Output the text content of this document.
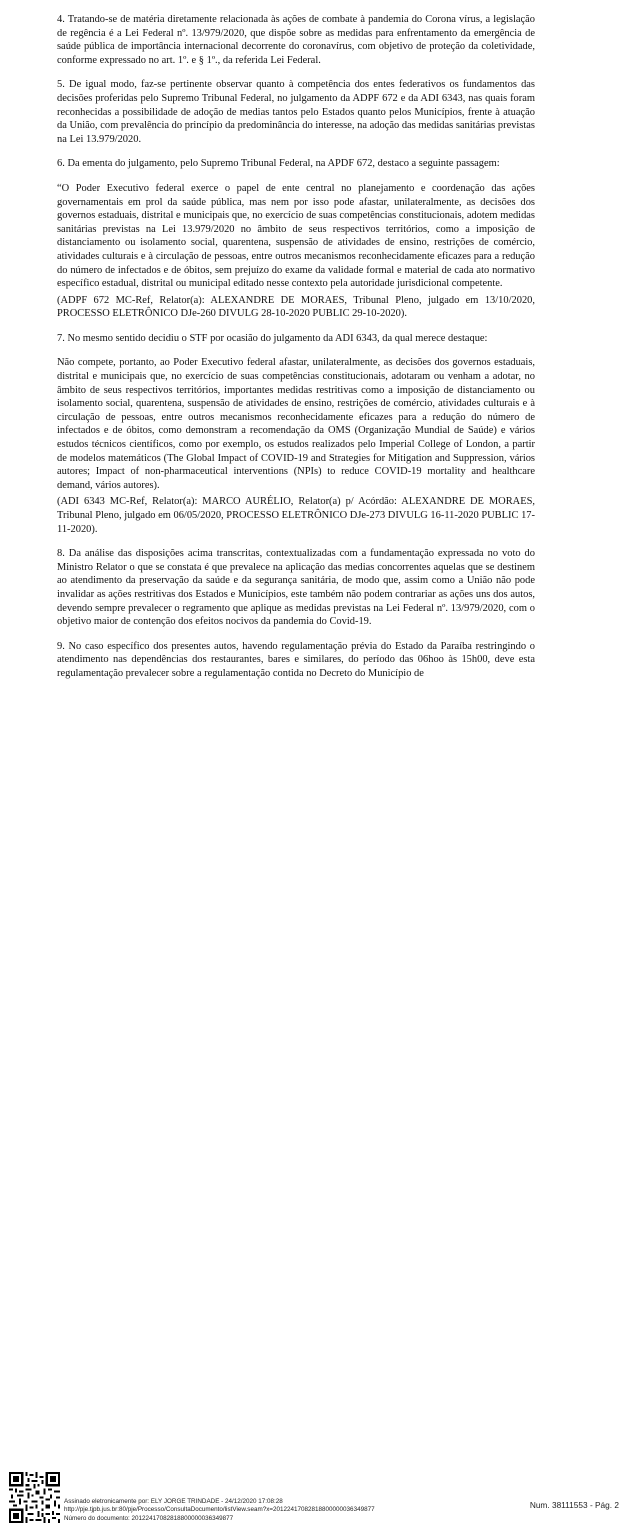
4. Tratando-se de matéria diretamente relacionada às ações de combate à pandemia do Corona vírus, a legislação de regência é a Lei Federal nº. 13/979/2020, que dispõe sobre as medidas para enfrentamento da emergência de saúde pública de importância internacional decorrente do coronavírus, com objetivo de proteção da coletividade, conforme expressado no art. 1º. e § 1º., da referida Lei Federal.

5. De igual modo, faz-se pertinente observar quanto à competência dos entes federativos os fundamentos das decisões proferidas pelo Supremo Tribunal Federal, no julgamento da ADPF 672 e da ADI 6343, nas quais foram reconhecidas a possibilidade de adoção de medias tantos pelo Estados quanto pelos Municípios, frente à atuação da União, com prevalência do princípio da predominância do interesse, na adoção das medidas sanitárias previstas na Lei 13.979/2020.

6. Da ementa do julgamento, pelo Supremo Tribunal Federal, na APDF 672, destaco a seguinte passagem:

“O Poder Executivo federal exerce o papel de ente central no planejamento e coordenação das ações governamentais em prol da saúde pública, mas nem por isso pode afastar, unilateralmente, as decisões dos governos estaduais, distrital e municipais que, no exercício de suas competências constitucionais, adotem medidas sanitárias previstas na Lei 13.979/2020 no âmbito de seus respectivos territórios, como a imposição de distanciamento ou isolamento social, quarentena, suspensão de atividades de ensino, restrições de comércio, atividades culturais e à circulação de pessoas, entre outros mecanismos reconhecidamente eficazes para a redução do número de infectados e de óbitos, sem prejuízo do exame da validade formal e material de cada ato normativo específico estadual, distrital ou municipal editado nesse contexto pela autoridade jurisdicional competente.

(ADPF 672 MC-Ref, Relator(a): ALEXANDRE DE MORAES, Tribunal Pleno, julgado em 13/10/2020, PROCESSO ELETRÔNICO DJe-260 DIVULG 28-10-2020 PUBLIC 29-10-2020).

7. No mesmo sentido decidiu o STF por ocasião do julgamento da ADI 6343, da qual merece destaque:

Não compete, portanto, ao Poder Executivo federal afastar, unilateralmente, as decisões dos governos estaduais, distrital e municipais que, no exercício de suas competências constitucionais, adotaram ou venham a adotar, no âmbito de seus respectivos territórios, importantes medidas restritivas como a imposição de distanciamento ou isolamento social, quarentena, suspensão de atividades de ensino, restrições de comércio, atividades culturais e à circulação de pessoas, entre outros mecanismos reconhecidamente eficazes para a redução do número de infectados e de óbitos, como demonstram a recomendação da OMS (Organização Mundial de Saúde) e vários estudos técnicos científicos, como por exemplo, os estudos realizados pelo Imperial College of London, a partir de modelos matemáticos (The Global Impact of COVID-19 and Strategies for Mitigation and Suppression, vários autores; Impact of non-pharmaceutical interventions (NPIs) to reduce COVID-19 mortality and healthcare demand, vários autores).

(ADI 6343 MC-Ref, Relator(a): MARCO AURÉLIO, Relator(a) p/ Acórdão: ALEXANDRE DE MORAES, Tribunal Pleno, julgado em 06/05/2020, PROCESSO ELETRÔNICO DJe-273 DIVULG 16-11-2020 PUBLIC 17-11-2020).

8. Da análise das disposições acima transcritas, contextualizadas com a fundamentação expressada no voto do Ministro Relator o que se constata é que prevalece na aplicação das medias concorrentes aquelas que se destinem ao atendimento da preservação da saúde e da segurança sanitária, de modo que, assim como a União não pode invalidar as ações restritivas dos Estados e Municípios, este também não podem contrariar as ações uns dos autos, devendo sempre prevalecer o regramento que aplique as medidas previstas na Lei Federal nº. 13/979/2020, com o objetivo maior de contenção dos efeitos nocivos da pandemia do Covid-19.

9. No caso específico dos presentes autos, havendo regulamentação prévia do Estado da Paraíba restringindo o atendimento nas dependências dos restaurantes, bares e similares, do período das 06hoo às 15h00, deve esta regulamentação prevalecer sobre a regulamentação contida no Decreto do Município de

Assinado eletronicamente por: ELY JORGE TRINDADE - 24/12/2020 17:08:28
http://pje.tjpb.jus.br:80/pje/Processo/ConsultaDocumento/listView.seam?x=20122417082818800000036349877
Número do documento: 20122417082818800000036349877
Num. 38111553 - Pág. 2
